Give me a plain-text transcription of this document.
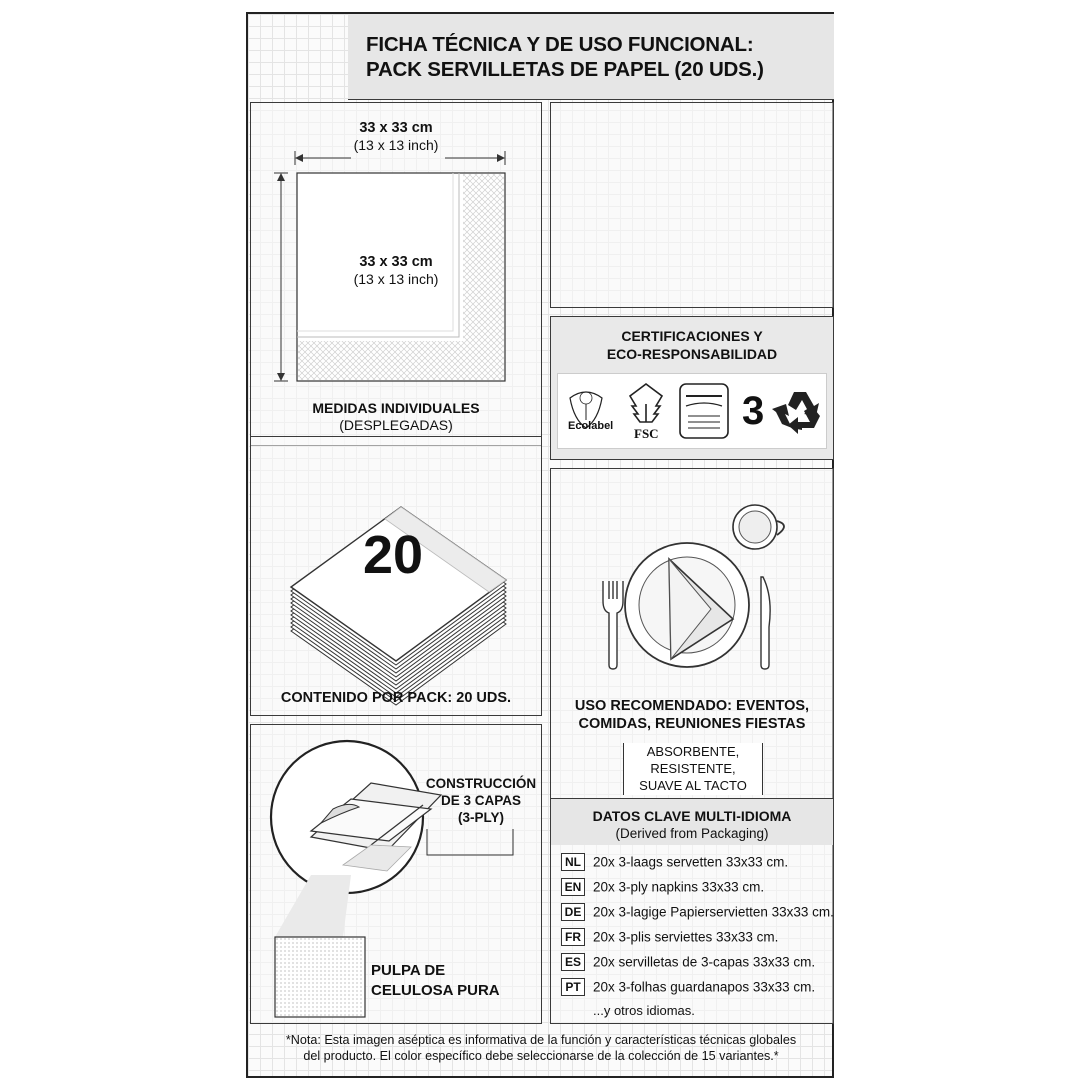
FICHA TÉCNICA Y DE USO FUNCIONAL:
PACK SERVILLETAS DE PAPEL (20 UDS.)
33 x 33 cm
(13 x 13 inch)
33 x 33 cm
(13 x 13 inch)
MEDIDAS INDIVIDUALES
(DESPLEGADAS)
CERTIFICACIONES Y
ECO-RESPONSABILIDAD
Ecolabel FSC
3
20
CONTENIDO POR PACK: 20 UDS.	USO RECOMENDADO: EVENTOS,
COMIDAS, REUNIONES FIESTAS
ABSORBENTE,
RESISTENTE,
SUAVE AL TACTO
CONSTRUCCIÓN
DE 3 CAPAS
(3-PLY)
PULPA DE
CELULOSA PURA
DATOS CLAVE MULTI-IDIOMA
(Derived from Packaging)
NL 20x 3-laags servetten 33x33 cm.
EN 20x 3-ply napkins 33x33 cm.
DE 20x 3-lagige Papierservietten 33x33 cm.
FR 20x 3-plis serviettes 33x33 cm.
ES 20x servilletas de 3-capas 33x33 cm.
PT 20x 3-folhas guardanapos 33x33 cm.
...y otros idiomas.
*Nota: Esta imagen aséptica es informativa de la función y características técnicas globales
del producto. El color específico debe seleccionarse de la colección de 15 variantes.*
